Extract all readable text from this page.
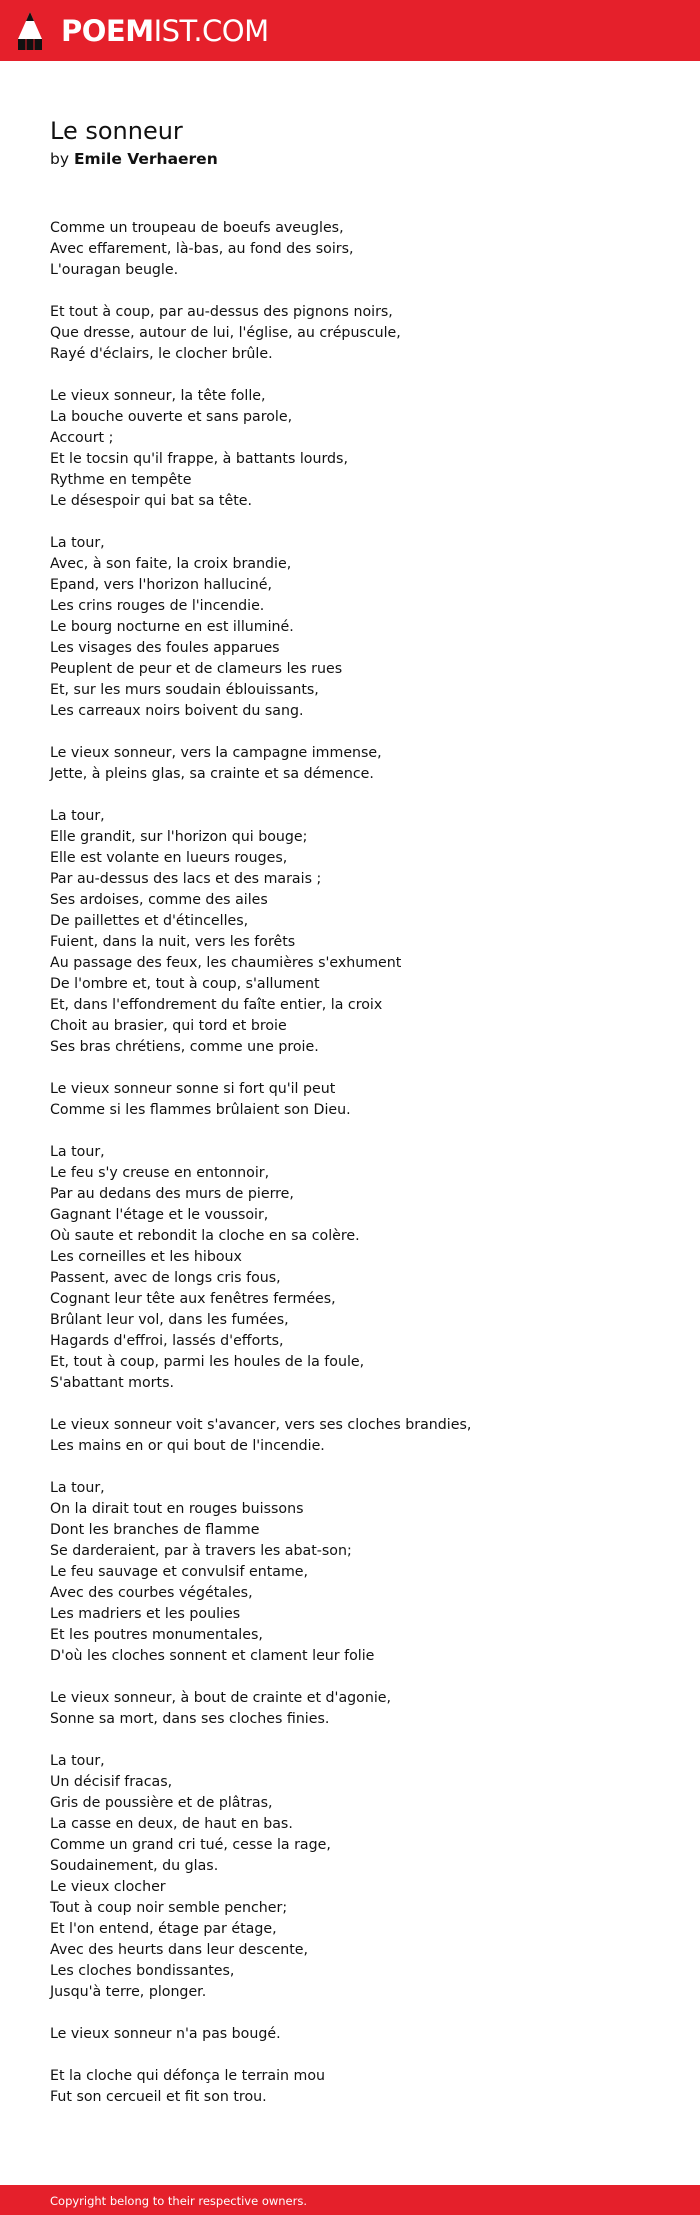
POEMIST.COM
Le sonneur
by Emile Verhaeren
Comme un troupeau de boeufs aveugles,
Avec effarement, là-bas, au fond des soirs,
L'ouragan beugle.
Et tout à coup, par au-dessus des pignons noirs,
Que dresse, autour de lui, l'église, au crépuscule,
Rayé d'éclairs, le clocher brûle.
Le vieux sonneur, la tête folle,
La bouche ouverte et sans parole,
Accourt ;
Et le tocsin qu'il frappe, à battants lourds,
Rythme en tempête
Le désespoir qui bat sa tête.
La tour,
Avec, à son faite, la croix brandie,
Epand, vers l'horizon halluciné,
Les crins rouges de l'incendie.
Le bourg nocturne en est illuminé.
Les visages des foules apparues
Peuplent de peur et de clameurs les rues
Et, sur les murs soudain éblouissants,
Les carreaux noirs boivent du sang.
Le vieux sonneur, vers la campagne immense,
Jette, à pleins glas, sa crainte et sa démence.
La tour,
Elle grandit, sur l'horizon qui bouge;
Elle est volante en lueurs rouges,
Par au-dessus des lacs et des marais ;
Ses ardoises, comme des ailes
De paillettes et d'étincelles,
Fuient, dans la nuit, vers les forêts
Au passage des feux, les chaumières s'exhument
De l'ombre et, tout à coup, s'allument
Et, dans l'effondrement du faîte entier, la croix
Choit au brasier, qui tord et broie
Ses bras chrétiens, comme une proie.
Le vieux sonneur sonne si fort qu'il peut
Comme si les flammes brûlaient son Dieu.
La tour,
Le feu s'y creuse en entonnoir,
Par au dedans des murs de pierre,
Gagnant l'étage et le voussoir,
Où saute et rebondit la cloche en sa colère.
Les corneilles et les hiboux
Passent, avec de longs cris fous,
Cognant leur tête aux fenêtres fermées,
Brûlant leur vol, dans les fumées,
Hagards d'effroi, lassés d'efforts,
Et, tout à coup, parmi les houles de la foule,
S'abattant morts.
Le vieux sonneur voit s'avancer, vers ses cloches brandies,
Les mains en or qui bout de l'incendie.
La tour,
On la dirait tout en rouges buissons
Dont les branches de flamme
Se darderaient, par à travers les abat-son;
Le feu sauvage et convulsif entame,
Avec des courbes végétales,
Les madriers et les poulies
Et les poutres monumentales,
D'où les cloches sonnent et clament leur folie
Le vieux sonneur, à bout de crainte et d'agonie,
Sonne sa mort, dans ses cloches finies.
La tour,
Un décisif fracas,
Gris de poussière et de plâtras,
La casse en deux, de haut en bas.
Comme un grand cri tué, cesse la rage,
Soudainement, du glas.
Le vieux clocher
Tout à coup noir semble pencher;
Et l'on entend, étage par étage,
Avec des heurts dans leur descente,
Les cloches bondissantes,
Jusqu'à terre, plonger.
Le vieux sonneur n'a pas bougé.
Et la cloche qui défonça le terrain mou
Fut son cercueil et fit son trou.
Copyright belong to their respective owners.
